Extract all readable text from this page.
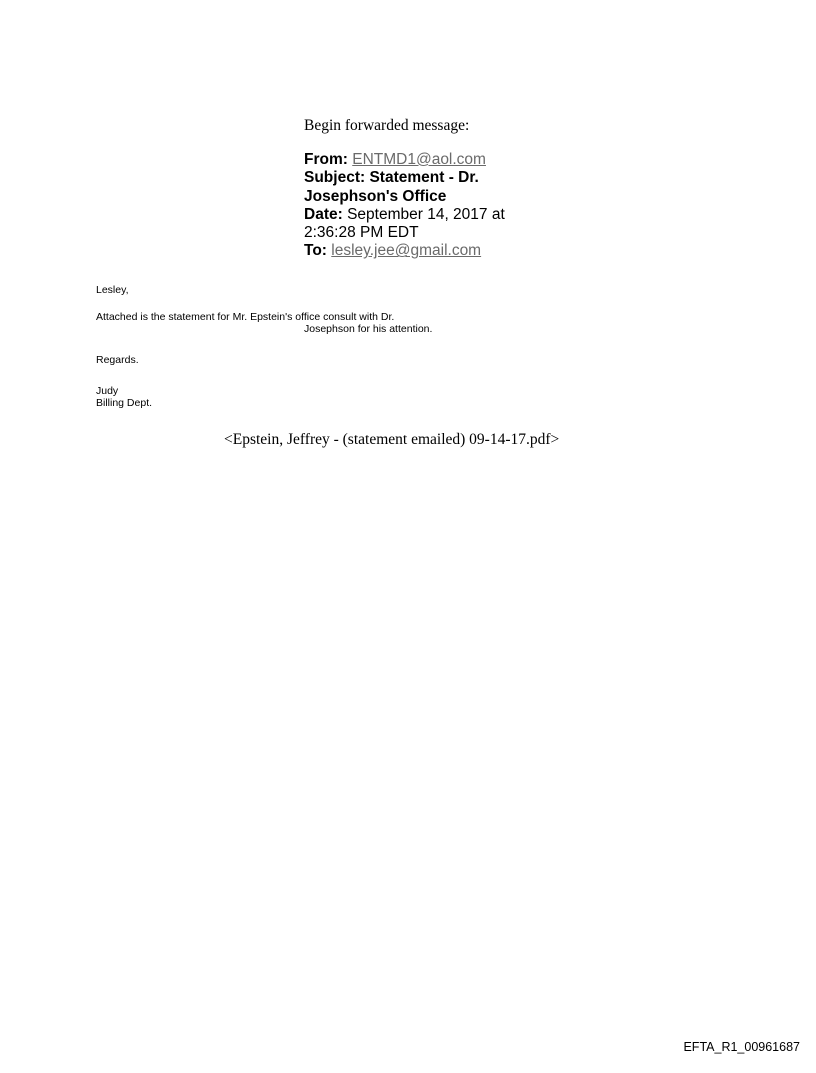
Begin forwarded message:
From: ENTMD1@aol.com
Subject: Statement - Dr. Josephson's Office
Date: September 14, 2017 at 2:36:28 PM EDT
To: lesley.jee@gmail.com
Lesley,
Attached is the statement for Mr. Epstein's office consult with Dr.
Josephson for his attention.
Regards.
Judy
Billing Dept.
<Epstein, Jeffrey - (statement emailed) 09-14-17.pdf>
EFTA_R1_00961687
